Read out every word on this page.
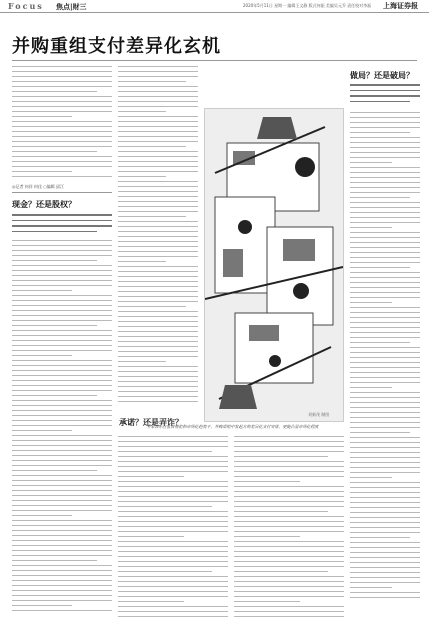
Focus 焦点|财三	2020年5月11日 星期一 编辑王文静 版式何振 美编吴元乔 责任校对李磊 上海证券报
并购重组支付差异化玄机
◎记者 何祥 何佳 ○编辑 邱江
现金？还是股权？
刘新茂 制图
承诺？还是弄诈？
专家表示在监管规范和市场化趋势下，并购重组中发起方的差异化支付安排，更能凸显市场化程度
做局？还是破局？
